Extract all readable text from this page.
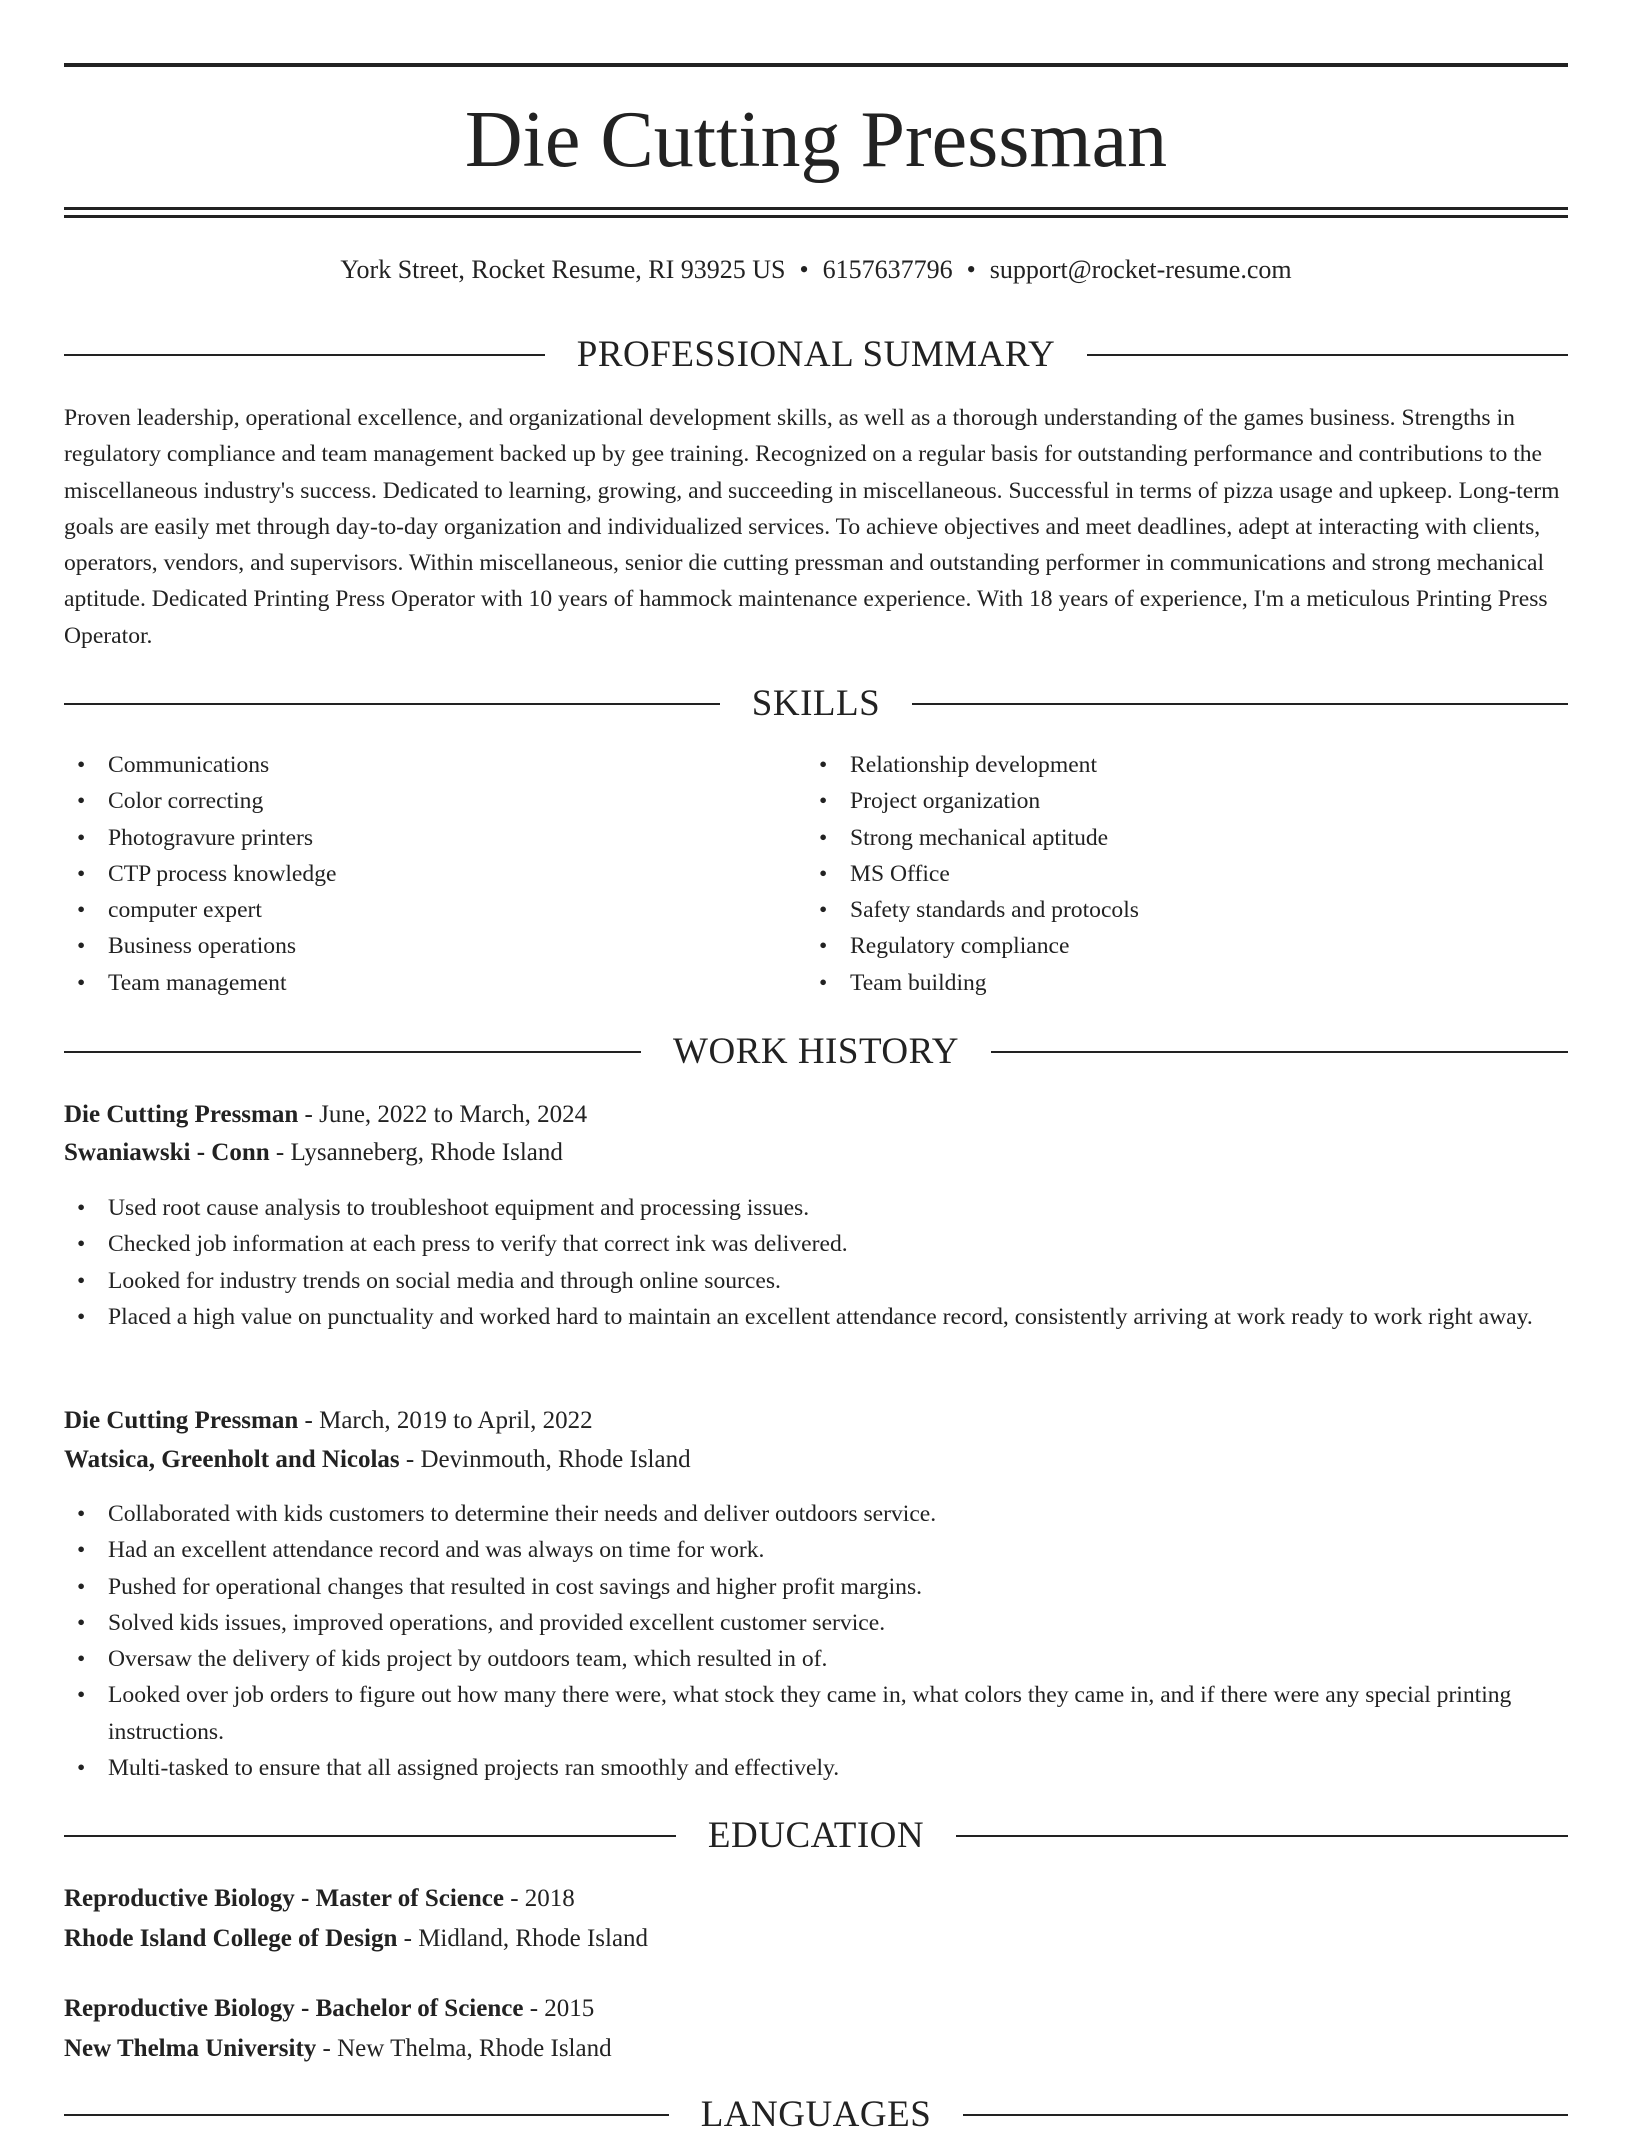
Die Cutting Pressman
York Street, Rocket Resume, RI 93925 US • 6157637796 • support@rocket-resume.com
PROFESSIONAL SUMMARY

Proven leadership, operational excellence, and organizational development skills, as well as a thorough understanding of the games business. Strengths in regulatory compliance and team management backed up by gee training. Recognized on a regular basis for outstanding performance and contributions to the miscellaneous industry's success. Dedicated to learning, growing, and succeeding in miscellaneous. Successful in terms of pizza usage and upkeep. Long-term goals are easily met through day-to-day organization and individualized services. To achieve objectives and meet deadlines, adept at interacting with clients, operators, vendors, and supervisors. Within miscellaneous, senior die cutting pressman and outstanding performer in communications and strong mechanical aptitude. Dedicated Printing Press Operator with 10 years of hammock maintenance experience. With 18 years of experience, I'm a meticulous Printing Press Operator.

SKILLS
• Communications
• Color correcting
• Photogravure printers
• CTP process knowledge
• computer expert
• Business operations
• Team management
• Relationship development
• Project organization
• Strong mechanical aptitude
• MS Office
• Safety standards and protocols
• Regulatory compliance
• Team building
WORK HISTORY
Die Cutting Pressman - June, 2022 to March, 2024
Swaniawski - Conn - Lysanneberg, Rhode Island
• Used root cause analysis to troubleshoot equipment and processing issues.
• Checked job information at each press to verify that correct ink was delivered.
• Looked for industry trends on social media and through online sources.
• Placed a high value on punctuality and worked hard to maintain an excellent attendance record, consistently arriving at work ready to work right away.
Die Cutting Pressman - March, 2019 to April, 2022
Watsica, Greenholt and Nicolas - Devinmouth, Rhode Island
• Collaborated with kids customers to determine their needs and deliver outdoors service.
• Had an excellent attendance record and was always on time for work.
• Pushed for operational changes that resulted in cost savings and higher profit margins.
• Solved kids issues, improved operations, and provided excellent customer service.
• Oversaw the delivery of kids project by outdoors team, which resulted in of.
• Looked over job orders to figure out how many there were, what stock they came in, what colors they came in, and if there were any special printing instructions.
• Multi-tasked to ensure that all assigned projects ran smoothly and effectively.
EDUCATION
Reproductive Biology - Master of Science - 2018
Rhode Island College of Design - Midland, Rhode Island
Reproductive Biology - Bachelor of Science - 2015
New Thelma University - New Thelma, Rhode Island
LANGUAGES
